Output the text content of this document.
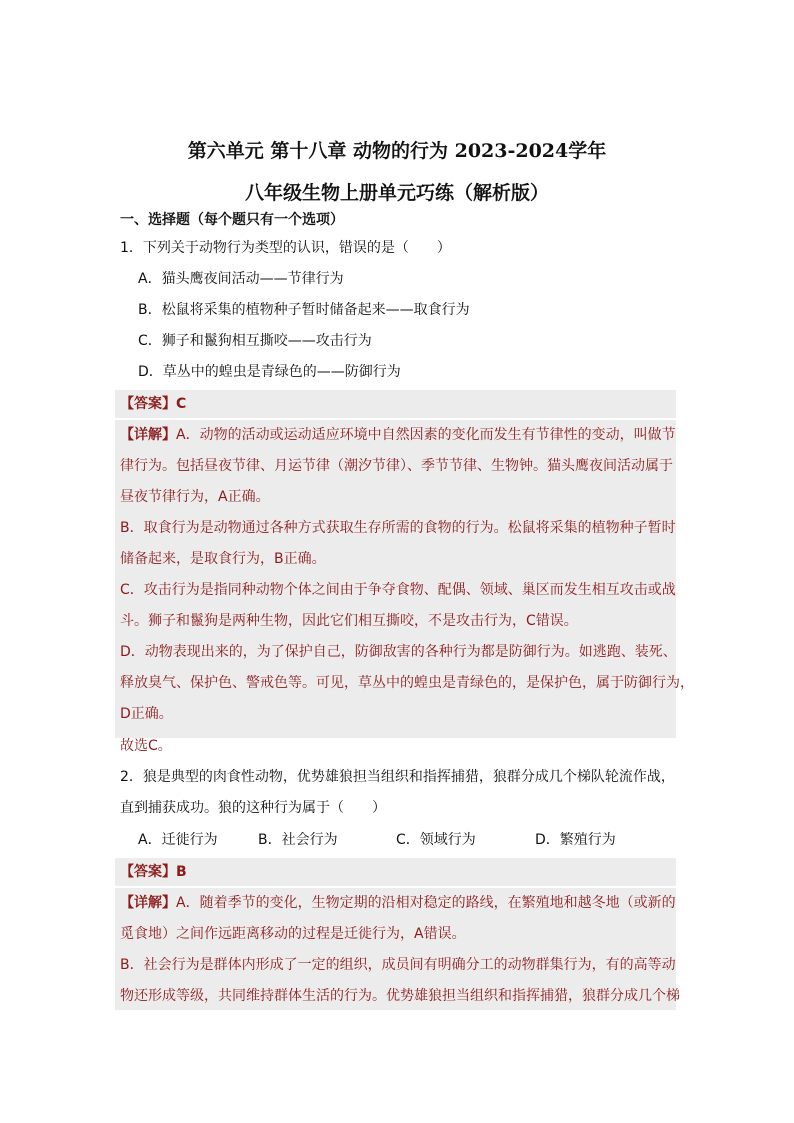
第六单元 第十八章 动物的行为 2023-2024学年
八年级生物上册单元巧练（解析版）
一、选择题（每个题只有一个选项）
1．下列关于动物行为类型的认识，错误的是（　　）
A．猫头鹰夜间活动——节律行为
B．松鼠将采集的植物种子暂时储备起来——取食行为
C．狮子和鬣狗相互撕咬——攻击行为
D．草丛中的蝗虫是青绿色的——防御行为
【答案】C
【详解】A．动物的活动或运动适应环境中自然因素的变化而发生有节律性的变动，叫做节
律行为。包括昼夜节律、月运节律（潮汐节律）、季节节律、生物钟。猫头鹰夜间活动属于
昼夜节律行为，A正确。
B．取食行为是动物通过各种方式获取生存所需的食物的行为。松鼠将采集的植物种子暂时
储备起来，是取食行为，B正确。
C．攻击行为是指同种动物个体之间由于争夺食物、配偶、领域、巢区而发生相互攻击或战
斗。狮子和鬣狗是两种生物，因此它们相互撕咬，不是攻击行为，C错误。
D．动物表现出来的，为了保护自己，防御敌害的各种行为都是防御行为。如逃跑、装死、
释放臭气、保护色、警戒色等。可见，草丛中的蝗虫是青绿色的，是保护色，属于防御行为，
D正确。
故选C。
2．狼是典型的肉食性动物，优势雄狼担当组织和指挥捕猎，狼群分成几个梯队轮流作战，
直到捕获成功。狼的这种行为属于（　　）
A．迁徙行为	B．社会行为	C．领域行为	D．繁殖行为
【答案】B
【详解】A．随着季节的变化，生物定期的沿相对稳定的路线，在繁殖地和越冬地（或新的
觅食地）之间作远距离移动的过程是迁徙行为，A错误。
B．社会行为是群体内形成了一定的组织，成员间有明确分工的动物群集行为，有的高等动
物还形成等级，共同维持群体生活的行为。优势雄狼担当组织和指挥捕猎，狼群分成几个梯
